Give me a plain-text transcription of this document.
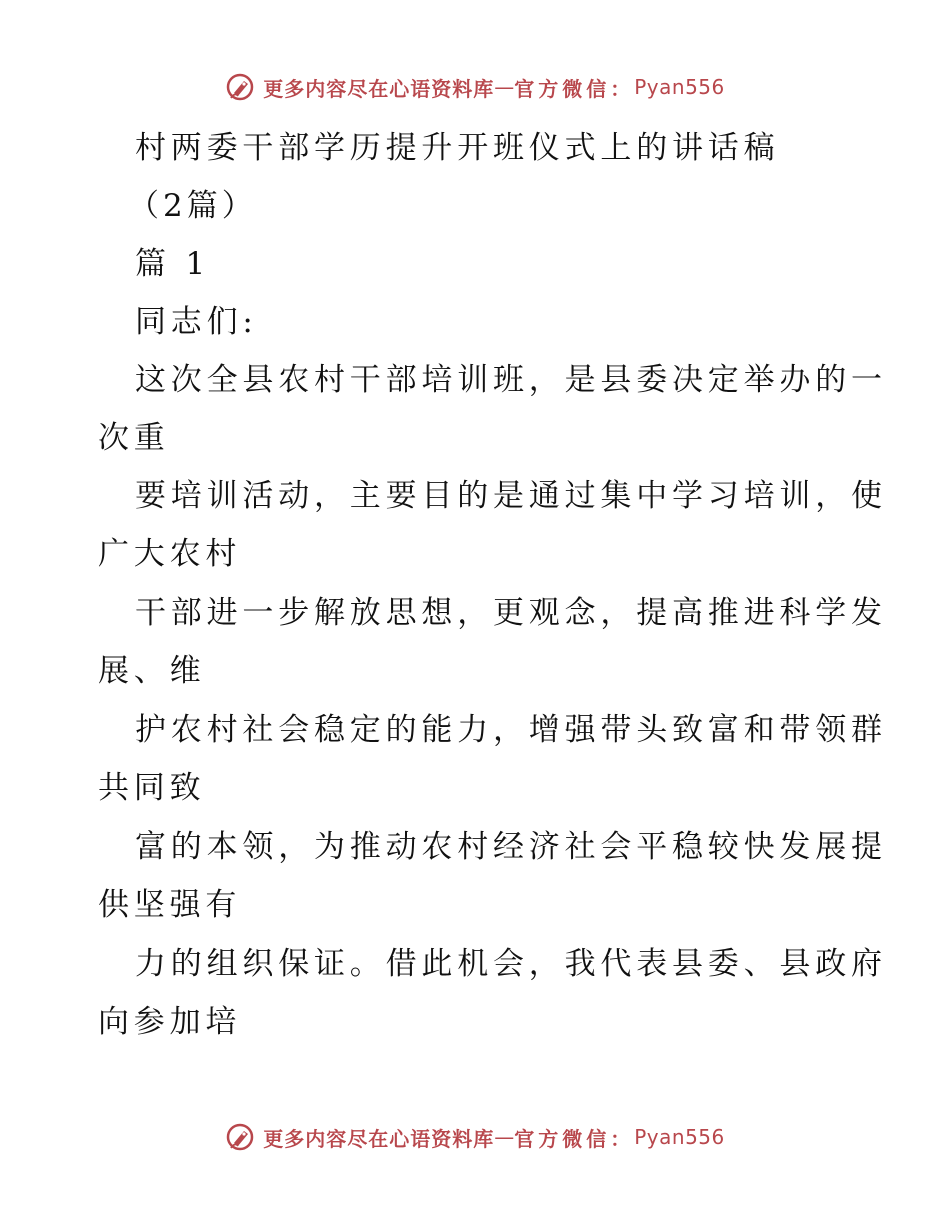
更多内容尽在心语资料库 — 官方微信： Pyan556
村两委干部学历提升开班仪式上的讲话稿
（2篇）
篇 1
同志们:
这次全县农村干部培训班，是县委决定举办的一
次重
要培训活动，主要目的是通过集中学习培训，使
广大农村
干部进一步解放思想，更观念，提高推进科学发
展、维
护农村社会稳定的能力，增强带头致富和带领群
共同致
富的本领，为推动农村经济社会平稳较快发展提
供坚强有
力的组织保证。借此机会，我代表县委、县政府
向参加培
更多内容尽在心语资料库 — 官方微信： Pyan556
